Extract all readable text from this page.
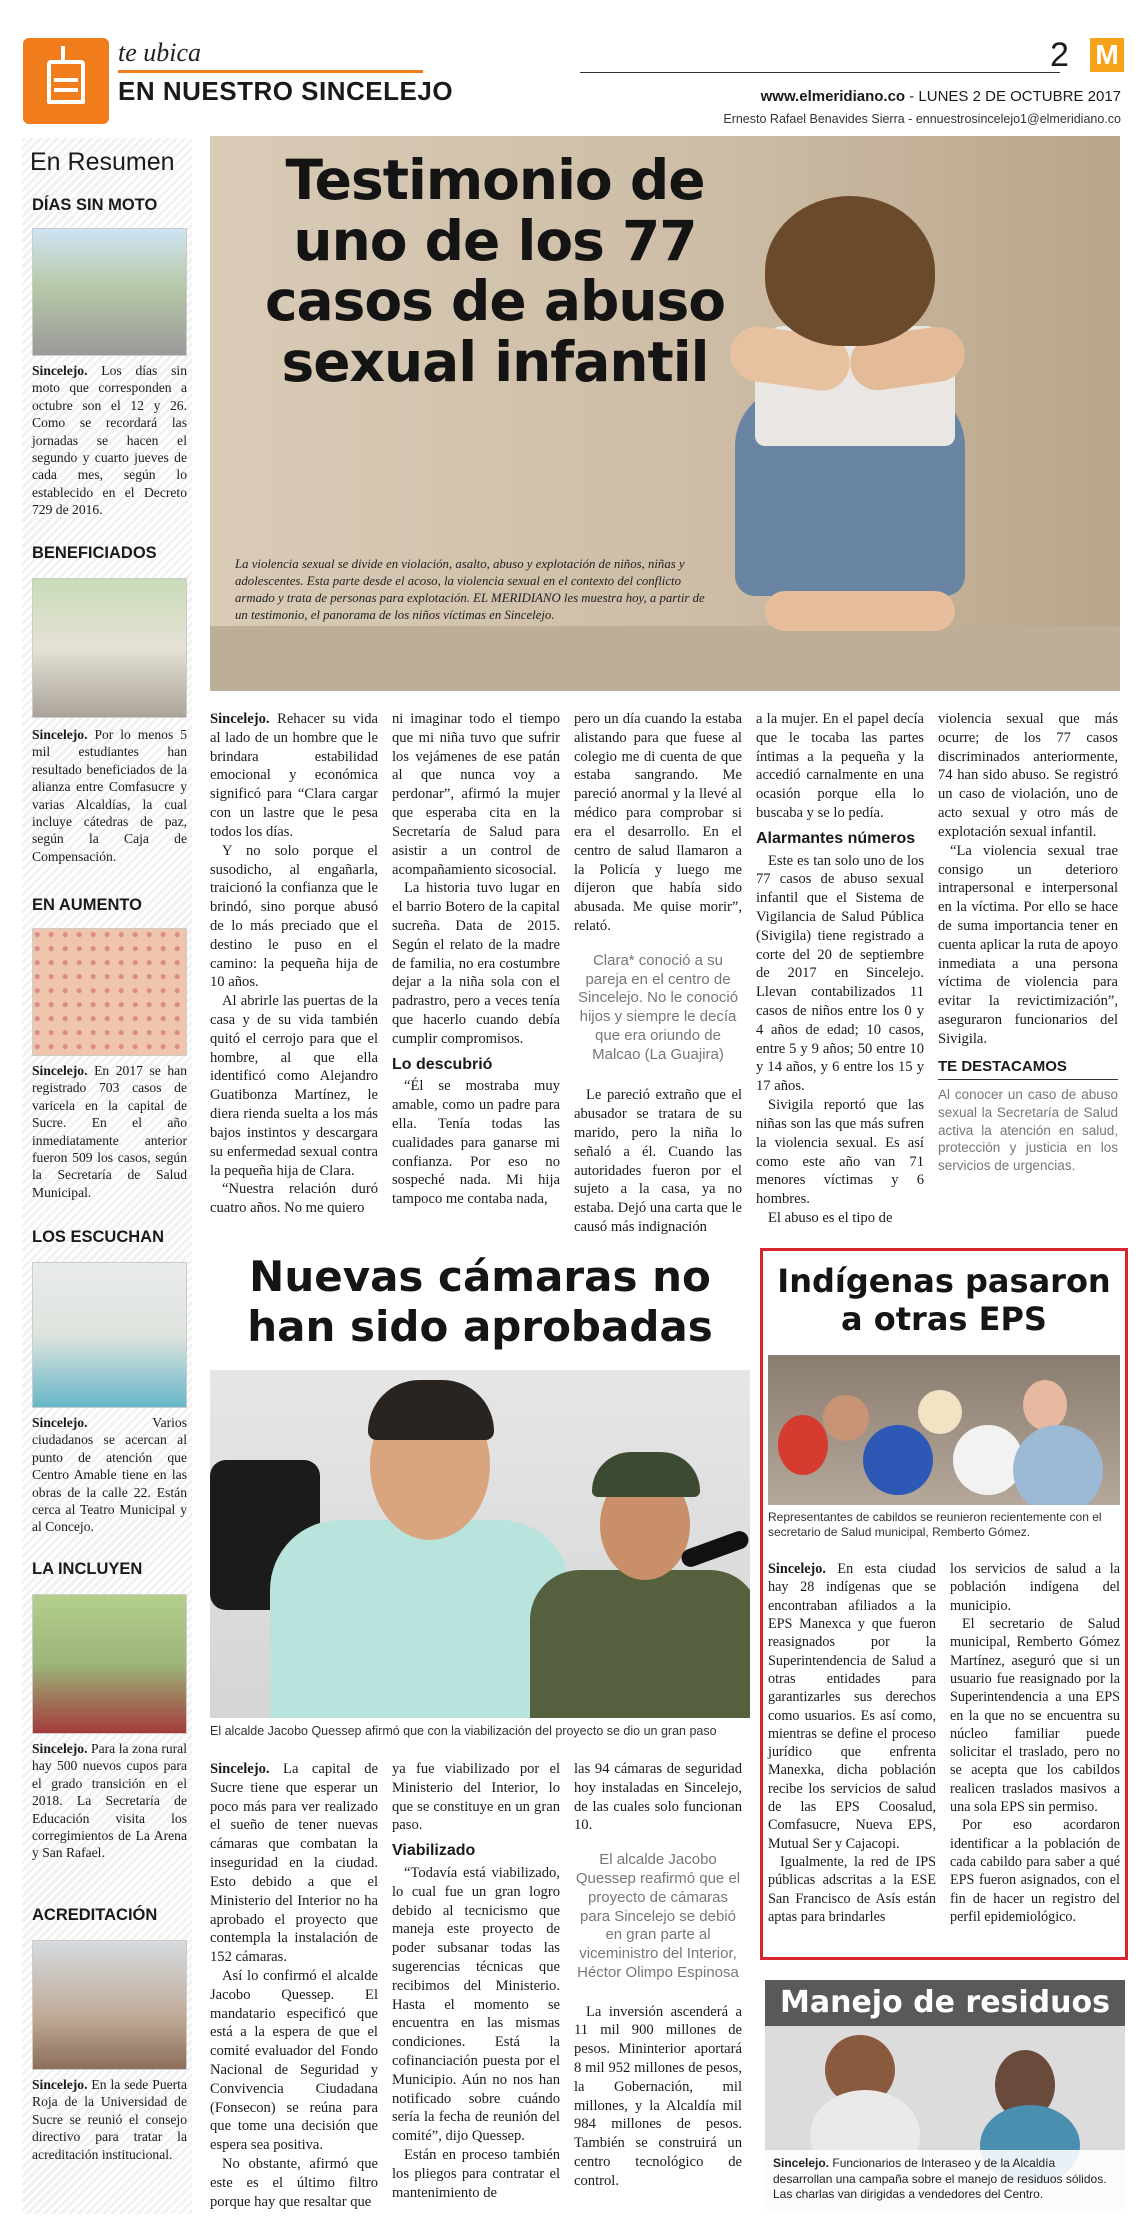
te ubica
EN NUESTRO SINCELEJO
2 M
www.elmeridiano.co - LUNES 2 DE OCTUBRE 2017
Ernesto Rafael Benavides Sierra - ennuestrosincelejo1@elmeridiano.co
En Resumen
DÍAS SIN MOTO
Sincelejo. Los días sin moto que corresponden a octubre son el 12 y 26. Como se recordará las jornadas se hacen el segundo y cuarto jueves de cada mes, según lo establecido en el Decreto 729 de 2016.
BENEFICIADOS
Sincelejo. Por lo menos 5 mil estudiantes han resultado beneficiados de la alianza entre Comfasucre y varias Alcaldías, la cual incluye cátedras de paz, según la Caja de Compensación.
EN AUMENTO
Sincelejo. En 2017 se han registrado 703 casos de varicela en la capital de Sucre. En el año inmediatamente anterior fueron 509 los casos, según la Secretaría de Salud Municipal.
LOS ESCUCHAN
Sincelejo. Varios ciudadanos se acercan al punto de atención que Centro Amable tiene en las obras de la calle 22. Están cerca al Teatro Municipal y al Concejo.
LA INCLUYEN
Sincelejo. Para la zona rural hay 500 nuevos cupos para el grado transición en el 2018. La Secretaría de Educación visita los corregimientos de La Arena y San Rafael.
ACREDITACIÓN
Sincelejo. En la sede Puerta Roja de la Universidad de Sucre se reunió el consejo directivo para tratar la acreditación institucional.
Testimonio de uno de los 77 casos de abuso sexual infantil
La violencia sexual se divide en violación, asalto, abuso y explotación de niños, niñas y adolescentes. Esta parte desde el acoso, la violencia sexual en el contexto del conflicto armado y trata de personas para explotación. EL MERIDIANO les muestra hoy, a partir de un testimonio, el panorama de los niños víctimas en Sincelejo.

Sincelejo. Rehacer su vida al lado de un hombre que le brindara estabilidad emocional y económica significó para “Clara cargar con un lastre que le pesa todos los días.

Y no solo porque el susodicho, al engañarla, traicionó la confianza que le brindó, sino porque abusó de lo más preciado que el destino le puso en el camino: la pequeña hija de 10 años.

Al abrirle las puertas de la casa y de su vida también quitó el cerrojo para que el hombre, al que ella identificó como Alejandro Guatibonza Martínez, le diera rienda suelta a los más bajos instintos y descargara su enfermedad sexual contra la pequeña hija de Clara.

“Nuestra relación duró cuatro años. No me quiero

ni imaginar todo el tiempo que mi niña tuvo que sufrir los vejámenes de ese patán al que nunca voy a perdonar”, afirmó la mujer que esperaba cita en la Secretaría de Salud para asistir a un control de acompañamiento sicosocial.

La historia tuvo lugar en el barrio Botero de la capital sucreña. Data de 2015. Según el relato de la madre de familia, no era costumbre dejar a la niña sola con el padrastro, pero a veces tenía que hacerlo cuando debía cumplir compromisos.

Lo descubrió

“Él se mostraba muy amable, como un padre para ella. Tenía todas las cualidades para ganarse mi confianza. Por eso no sospeché nada. Mi hija tampoco me contaba nada,

pero un día cuando la estaba alistando para que fuese al colegio me di cuenta de que estaba sangrando. Me pareció anormal y la llevé al médico para comprobar si era el desarrollo. En el centro de salud llamaron a la Policía y luego me dijeron que había sido abusada. Me quise morir”, relató.

Clara* conoció a su pareja en el centro de Sincelejo. No le conoció hijos y siempre le decía que era oriundo de Malcao (La Guajira)

Le pareció extraño que el abusador se tratara de su marido, pero la niña lo señaló a él. Cuando las autoridades fueron por el sujeto a la casa, ya no estaba. Dejó una carta que le causó más indignación

a la mujer. En el papel decía que le tocaba las partes íntimas a la pequeña y la accedió carnalmente en una ocasión porque ella lo buscaba y se lo pedía.

Alarmantes números

Este es tan solo uno de los 77 casos de abuso sexual infantil que el Sistema de Vigilancia de Salud Pública (Sivigila) tiene registrado a corte del 20 de septiembre de 2017 en Sincelejo. Llevan contabilizados 11 casos de niños entre los 0 y 4 años de edad; 10 casos, entre 5 y 9 años; 50 entre 10 y 14 años, y 6 entre los 15 y 17 años.

Sivigila reportó que las niñas son las que más sufren la violencia sexual. Es así como este año van 71 menores víctimas y 6 hombres.

El abuso es el tipo de

violencia sexual que más ocurre; de los 77 casos discriminados anteriormente, 74 han sido abuso. Se registró un caso de violación, uno de acto sexual y otro más de explotación sexual infantil.

“La violencia sexual trae consigo un deterioro intrapersonal e interpersonal en la víctima. Por ello se hace de suma importancia tener en cuenta aplicar la ruta de apoyo inmediata a una persona víctima de violencia para evitar la revictimización”, aseguraron funcionarios del Sivigila.

TE DESTACAMOS
Al conocer un caso de abuso sexual la Secretaría de Salud activa la atención en salud, protección y justicia en los servicios de urgencias.
Nuevas cámaras no han sido aprobadas
El alcalde Jacobo Quessep afirmó que con la viabilización del proyecto se dio un gran paso

Sincelejo. La capital de Sucre tiene que esperar un poco más para ver realizado el sueño de tener nuevas cámaras que combatan la inseguridad en la ciudad. Esto debido a que el Ministerio del Interior no ha aprobado el proyecto que contempla la instalación de 152 cámaras.

Así lo confirmó el alcalde Jacobo Quessep. El mandatario especificó que está a la espera de que el comité evaluador del Fondo Nacional de Seguridad y Convivencia Ciudadana (Fonsecon) se reúna para que tome una decisión que espera sea positiva.

No obstante, afirmó que este es el último filtro porque hay que resaltar que

ya fue viabilizado por el Ministerio del Interior, lo que se constituye en un gran paso.

Viabilizado

“Todavía está viabilizado, lo cual fue un gran logro debido al tecnicismo que maneja este proyecto de poder subsanar todas las sugerencias técnicas que recibimos del Ministerio. Hasta el momento se encuentra en las mismas condiciones. Está la cofinanciación puesta por el Municipio. Aún no nos han notificado sobre cuándo sería la fecha de reunión del comité”, dijo Quessep.

Están en proceso también los pliegos para contratar el mantenimiento de

las 94 cámaras de seguridad hoy instaladas en Sincelejo, de las cuales solo funcionan 10.

El alcalde Jacobo Quessep reafirmó que el proyecto de cámaras para Sincelejo se debió en gran parte al viceministro del Interior, Héctor Olimpo Espinosa

La inversión ascenderá a 11 mil 900 millones de pesos. Mininterior aportará 8 mil 952 millones de pesos, la Gobernación, mil millones, y la Alcaldía mil 984 millones de pesos. También se construirá un centro tecnológico de control.

Indígenas pasaron a otras EPS
Representantes de cabildos se reunieron recientemente con el secretario de Salud municipal, Remberto Gómez.

Sincelejo. En esta ciudad hay 28 indígenas que se encontraban afiliados a la EPS Manexca y que fueron reasignados por la Superintendencia de Salud a otras entidades para garantizarles sus derechos como usuarios. Es así como, mientras se define el proceso jurídico que enfrenta Manexka, dicha población recibe los servicios de salud de las EPS Coosalud, Comfasucre, Nueva EPS, Mutual Ser y Cajacopi.

Igualmente, la red de IPS públicas adscritas a la ESE San Francisco de Asís están aptas para brindarles

los servicios de salud a la población indígena del municipio.

El secretario de Salud municipal, Remberto Gómez Martínez, aseguró que si un usuario fue reasignado por la Superintendencia a una EPS en la que no se encuentra su núcleo familiar puede solicitar el traslado, pero no se acepta que los cabildos realicen traslados masivos a una sola EPS sin permiso.

Por eso acordaron identificar a la población de cada cabildo para saber a qué EPS fueron asignados, con el fin de hacer un registro del perfil epidemiológico.

Manejo de residuos
Sincelejo. Funcionarios de Interaseo y de la Alcaldía desarrollan una campaña sobre el manejo de residuos sólidos. Las charlas van dirigidas a vendedores del Centro.
